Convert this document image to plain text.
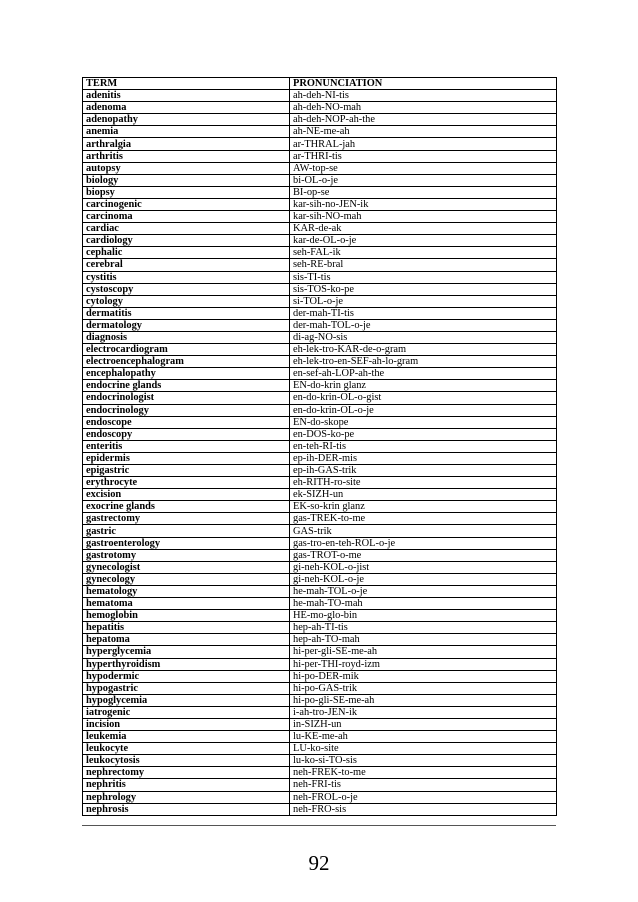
TERM	PRONUNCIATION
adenitis	ah-deh-NI-tis
adenoma	ah-deh-NO-mah
adenopathy	ah-deh-NOP-ah-the
anemia	ah-NE-me-ah
arthralgia	ar-THRAL-jah
arthritis	ar-THRI-tis
autopsy	AW-top-se
biology	bi-OL-o-je
biopsy	BI-op-se
carcinogenic	kar-sih-no-JEN-ik
carcinoma	kar-sih-NO-mah
cardiac	KAR-de-ak
cardiology	kar-de-OL-o-je
cephalic	seh-FAL-ik
cerebral	seh-RE-bral
cystitis	sis-TI-tis
cystoscopy	sis-TOS-ko-pe
cytology	si-TOL-o-je
dermatitis	der-mah-TI-tis
dermatology	der-mah-TOL-o-je
diagnosis	di-ag-NO-sis
electrocardiogram	eh-lek-tro-KAR-de-o-gram
electroencephalogram	eh-lek-tro-en-SEF-ah-lo-gram
encephalopathy	en-sef-ah-LOP-ah-the
endocrine glands	EN-do-krin glanz
endocrinologist	en-do-krin-OL-o-gist
endocrinology	en-do-krin-OL-o-je
endoscope	EN-do-skope
endoscopy	en-DOS-ko-pe
enteritis	en-teh-RI-tis
epidermis	ep-ih-DER-mis
epigastric	ep-ih-GAS-trik
erythrocyte	eh-RITH-ro-site
excision	ek-SIZH-un
exocrine glands	EK-so-krin glanz
gastrectomy	gas-TREK-to-me
gastric	GAS-trik
gastroenterology	gas-tro-en-teh-ROL-o-je
gastrotomy	gas-TROT-o-me
gynecologist	gi-neh-KOL-o-jist
gynecology	gi-neh-KOL-o-je
hematology	he-mah-TOL-o-je
hematoma	he-mah-TO-mah
hemoglobin	HE-mo-glo-bin
hepatitis	hep-ah-TI-tis
hepatoma	hep-ah-TO-mah
hyperglycemia	hi-per-gli-SE-me-ah
hyperthyroidism	hi-per-THI-royd-izm
hypodermic	hi-po-DER-mik
hypogastric	hi-po-GAS-trik
hypoglycemia	hi-po-gli-SE-me-ah
iatrogenic	i-ah-tro-JEN-ik
incision	in-SIZH-un
leukemia	lu-KE-me-ah
leukocyte	LU-ko-site
leukocytosis	lu-ko-si-TO-sis
nephrectomy	neh-FREK-to-me
nephritis	neh-FRI-tis
nephrology	neh-FROL-o-je
nephrosis	neh-FRO-sis
92
